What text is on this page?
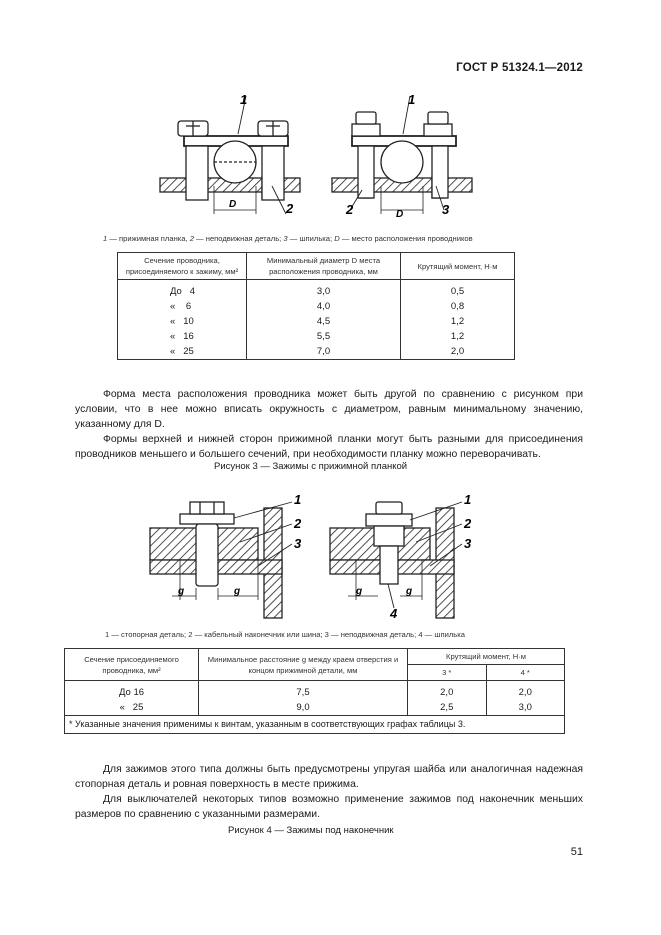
ГОСТ Р 51324.1—2012
1	1
2	2	3
D
D
1 — прижимная планка, 2 — неподвижная деталь; 3 — шпилька; D — место расположения проводников
Сечение проводника, присоединяемого к зажиму, мм²	Минимальный диаметр D места расположения проводника, мм	Крутящий момент, Н·м
До   4	3,0	0,5
«    6	4,0	0,8
«   10	4,5	1,2
«   16	5,5	1,2
«   25	7,0	2,0

Форма места расположения проводника может быть другой по сравнению с рисунком при условии, что в нее можно вписать окружность с диаметром, равным минимальному значению, указанному для D.

Формы верхней и нижней сторон прижимной планки могут быть разными для присоединения проводников меньшего и большего сечений, при необходимости планку можно переворачивать.

Рисунок 3 — Зажимы с прижимной планкой
1
2
3
1
2
3
4
g	g	g	g
1 — стопорная деталь; 2 — кабельный наконечник или шина; 3 — неподвижная деталь; 4 — шпилька
Сечение присоединяемого проводника, мм²	Минимальное расстояние g между краем отверстия и концом прижимной детали, мм	Крутящий момент, Н·м	
		3 *	4 *
До 16	7,5	2,0	2,0
«   25	9,0	2,5	3,0
* Указанные значения применимы к винтам, указанным в соответствующих графах таблицы 3.			

Для зажимов этого типа должны быть предусмотрены упругая шайба или аналогичная надежная стопорная деталь и ровная поверхность в месте прижима.

Для выключателей некоторых типов возможно применение зажимов под наконечник меньших размеров по сравнению с указанными размерами.

Рисунок 4 — Зажимы под наконечник
51
